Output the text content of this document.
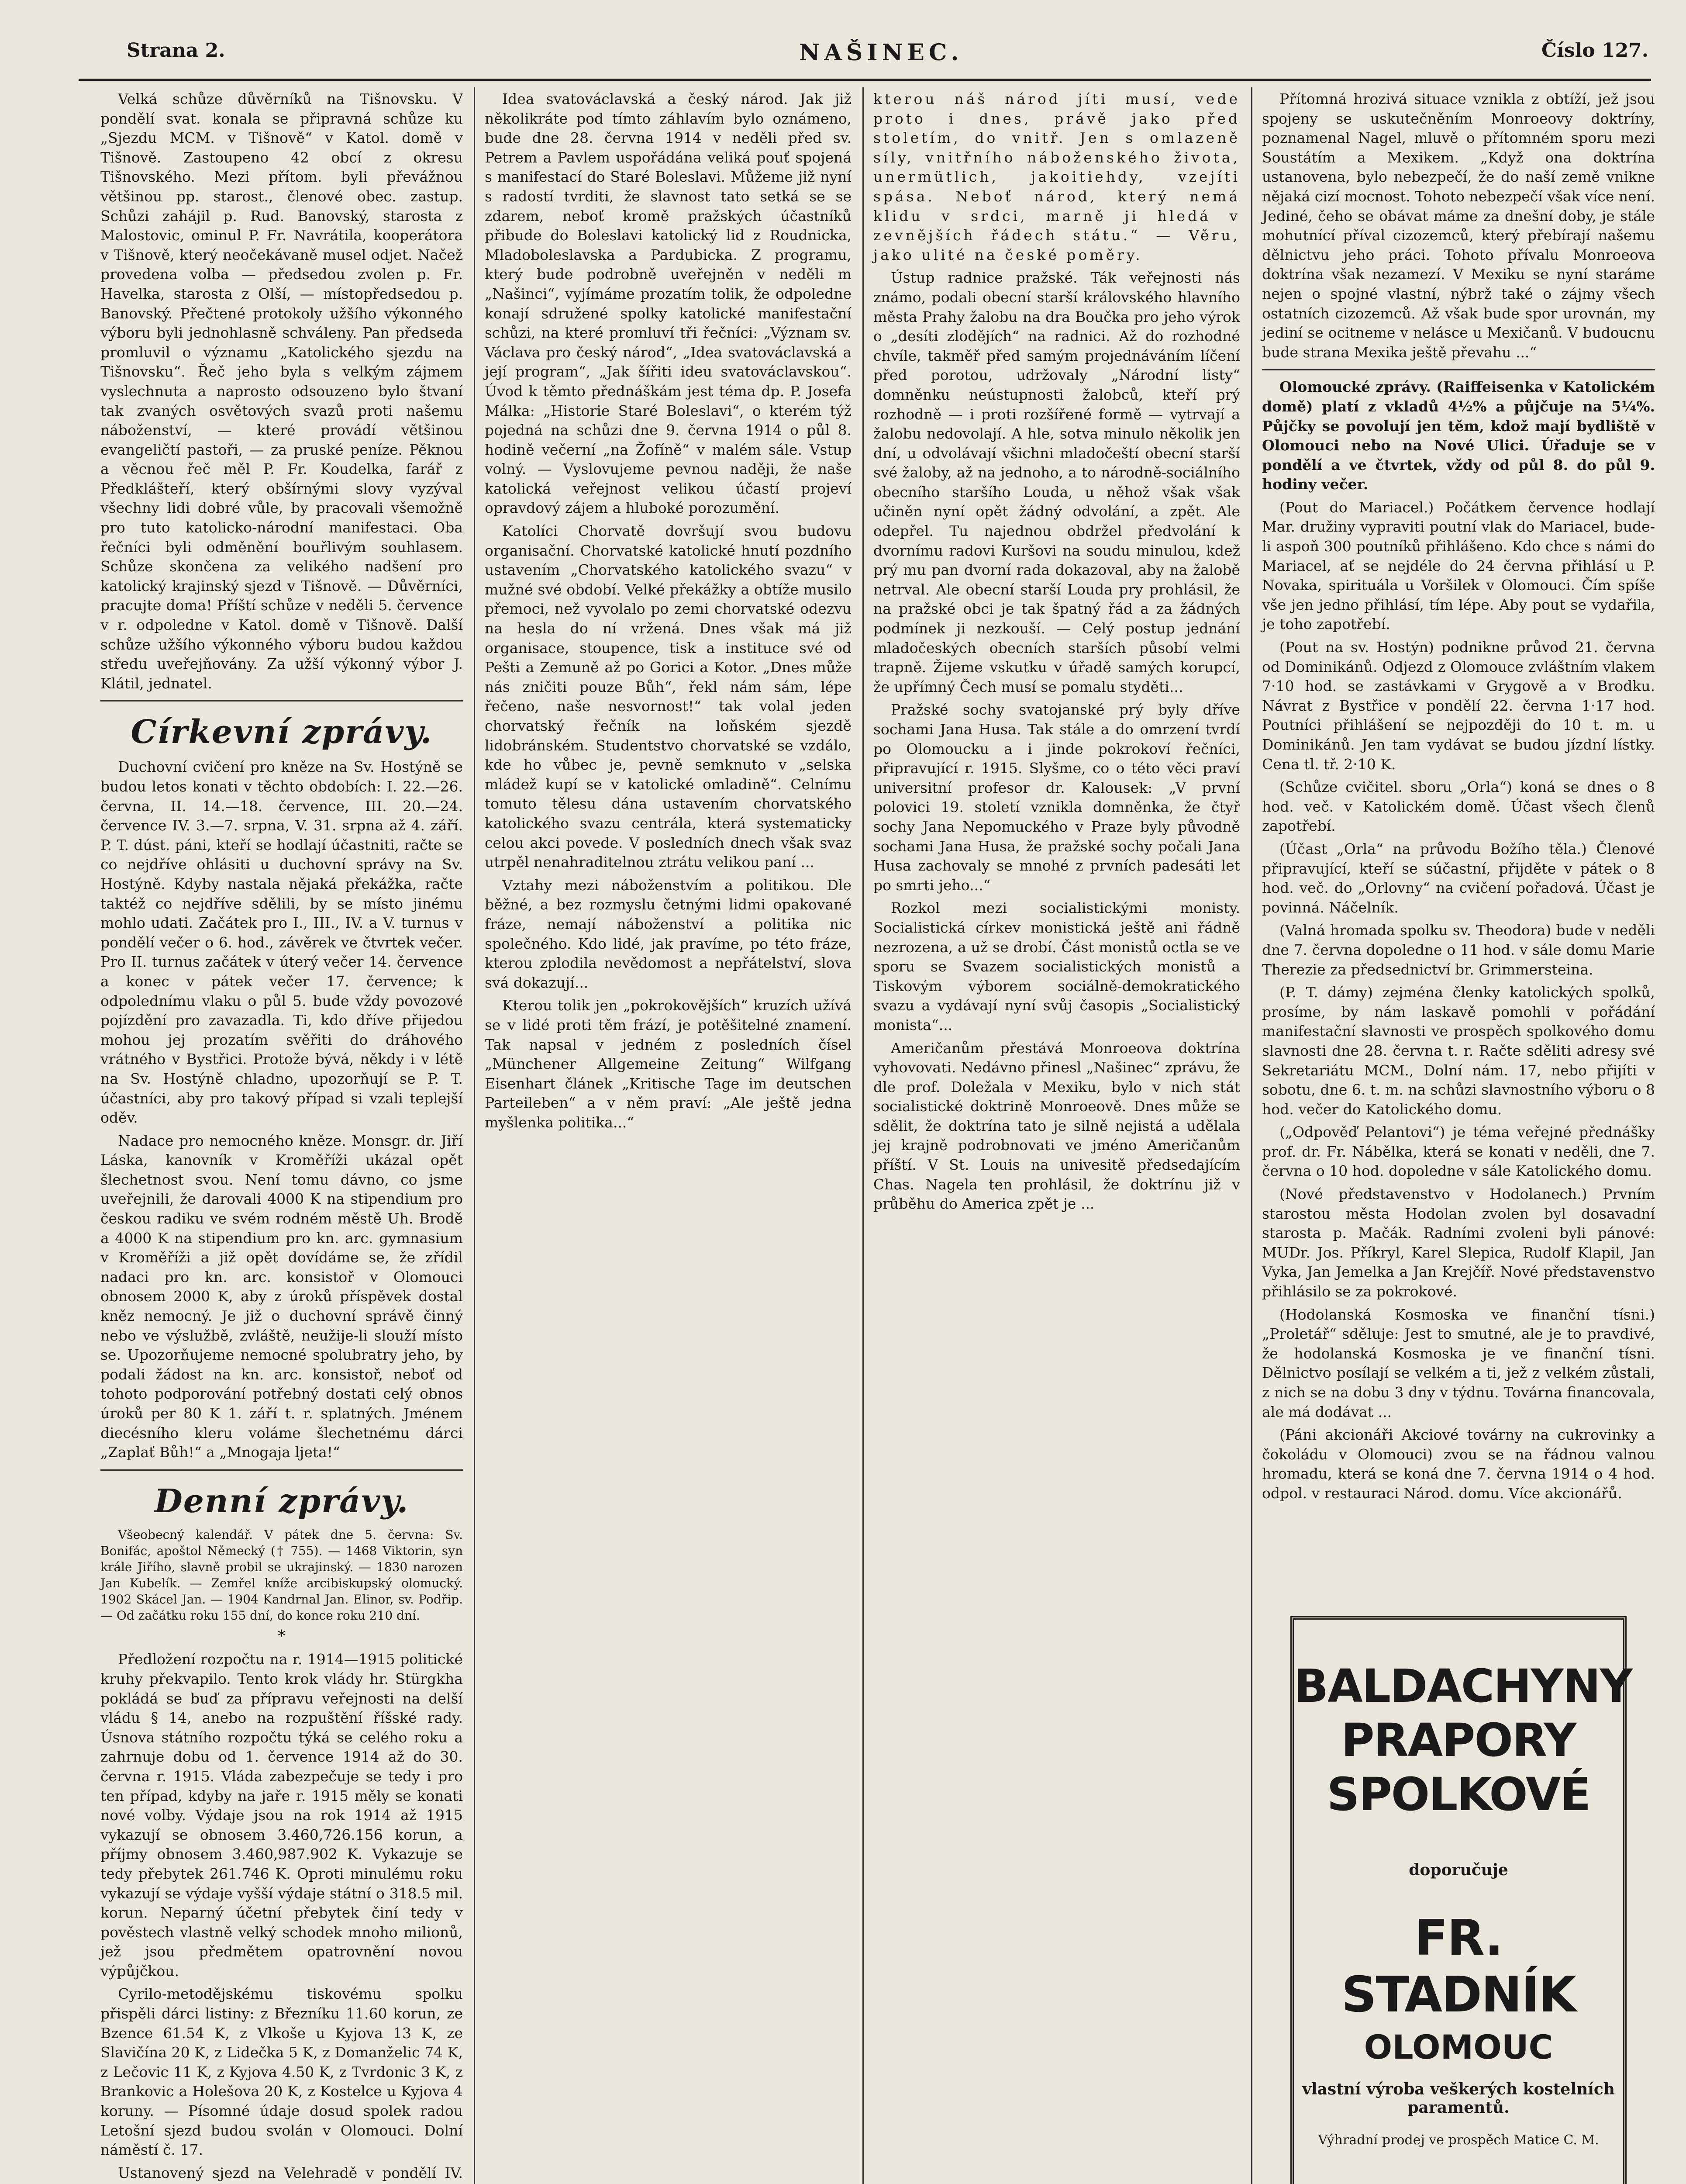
Strana 2.	NAŠINEC.	Číslo 127.

Velká schůze důvěrníků na Tišnovsku. V pondělí svat. konala se připravná schůze ku „Sjezdu MCM. v Tišnově“ v Katol. domě v Tišnově. Zastoupeno 42 obcí z okresu Tišnovského. Mezi přítom. byli převážnou většinou pp. starost., členové obec. zastup. Schůzi zahájil p. Rud. Banovský, starosta z Malostovic, ominul P. Fr. Navrátila, kooperátora v Tišnově, který neočekávaně musel odjet. Načež provedena volba — předsedou zvolen p. Fr. Havelka, starosta z Olší, — místopředsedou p. Banovský. Přečtené protokoly užšího výkonného výboru byli jednohlasně schváleny. Pan předseda promluvil o významu „Katolického sjezdu na Tišnovsku“. Řeč jeho byla s velkým zájmem vyslechnuta a naprosto odsouzeno bylo štvaní tak zvaných osvětových svazů proti našemu náboženství, — které provádí většinou evangeličtí pastoři, — za pruské peníze. Pěknou a věcnou řeč měl P. Fr. Koudelka, farář z Předklášteří, který obšírnými slovy vyzýval všechny lidi dobré vůle, by pracovali všemožně pro tuto katolicko-národní manifestaci. Oba řečníci byli odměnění bouřlivým souhlasem. Schůze skončena za velikého nadšení pro katolický krajinský sjezd v Tišnově. — Důvěrníci, pracujte doma! Příští schůze v neděli 5. července v r. odpoledne v Katol. domě v Tišnově. Další schůze užšího výkonného výboru budou každou středu uveřejňovány. Za užší výkonný výbor J. Klátil, jednatel.

Církevní zprávy.

Duchovní cvičení pro kněze na Sv. Hostýně se budou letos konati v těchto obdobích: I. 22.—26. června, II. 14.—18. července, III. 20.—24. července IV. 3.—7. srpna, V. 31. srpna až 4. září. P. T. dúst. páni, kteří se hodlají účastniti, račte se co nejdříve ohlásiti u duchovní správy na Sv. Hostýně. Kdyby nastala nějaká překážka, račte taktéž co nejdříve sdělili, by se místo jinému mohlo udati. Začátek pro I., III., IV. a V. turnus v pondělí večer o 6. hod., závěrek ve čtvrtek večer. Pro II. turnus začátek v úterý večer 14. července a konec v pátek večer 17. července; k odpolednímu vlaku o půl 5. bude vždy povozové pojízdění pro zavazadla. Ti, kdo dříve přijedou mohou jej prozatím svěřiti do dráhového vrátného v Bystřici. Protože bývá, někdy i v létě na Sv. Hostýně chladno, upozorňují se P. T. účastníci, aby pro takový případ si vzali teplejší oděv.

Nadace pro nemocného kněze. Monsgr. dr. Jiří Láska, kanovník v Kroměříži ukázal opět šlechetnost svou. Není tomu dávno, co jsme uveřejnili, že darovali 4000 K na stipendium pro českou radiku ve svém rodném městě Uh. Brodě a 4000 K na stipendium pro kn. arc. gymnasium v Kroměříži a již opět dovídáme se, že zřídil nadaci pro kn. arc. konsistoř v Olomouci obnosem 2000 K, aby z úroků příspěvek dostal kněz nemocný. Je již o duchovní správě činný nebo ve výslužbě, zvláště, neužije-li slouží místo se. Upozorňujeme nemocné spolubratry jeho, by podali žádost na kn. arc. konsistoř, neboť od tohoto podporování potřebný dostati celý obnos úroků per 80 K 1. září t. r. splatných. Jménem diecésního kleru voláme šlechetnému dárci „Zaplať Bůh!“ a „Mnogaja ljeta!“

Denní zprávy.

Všeobecný kalendář. V pátek dne 5. června: Sv. Bonifác, apoštol Německý († 755). — 1468 Viktorin, syn krále Jiřího, slavně probil se ukrajinský. — 1830 narozen Jan Kubelík. — Zemřel kníže arcibiskupský olomucký. 1902 Skácel Jan. — 1904 Kandrnal Jan. Elinor, sv. Podřip. — Od začátku roku 155 dní, do konce roku 210 dní.

*

Předložení rozpočtu na r. 1914—1915 politické kruhy překvapilo. Tento krok vlády hr. Stürgkha pokládá se buď za přípravu veřejnosti na delší vládu § 14, anebo na rozpuštění říšské rady. Úsnova státního rozpočtu týká se celého roku a zahrnuje dobu od 1. července 1914 až do 30. června r. 1915. Vláda zabezpečuje se tedy i pro ten případ, kdyby na jaře r. 1915 měly se konati nové volby. Výdaje jsou na rok 1914 až 1915 vykazují se obnosem 3.460,726.156 korun, a příjmy obnosem 3.460,987.902 K. Vykazuje se tedy přebytek 261.746 K. Oproti minulému roku vykazují se výdaje vyšší výdaje státní o 318.5 mil. korun. Neparný účetní přebytek činí tedy v pověstech vlastně velký schodek mnoho milionů, jež jsou předmětem opatrovnění novou výpůjčkou.

Cyrilo-metodějskému tiskovému spolku přispěli dárci listiny: z Březníku 11.60 korun, ze Bzence 61.54 K, z Vlkoše u Kyjova 13 K, ze Slavičína 20 K, z Lidečka 5 K, z Domanželic 74 K, z Lečovic 11 K, z Kyjova 4.50 K, z Tvrdonic 3 K, z Brankovic a Holešova 20 K, z Kostelce u Kyjova 4 koruny. — Písomné údaje dosud spolek radou Letošní sjezd budou svolán v Olomouci. Dolní náměstí č. 17.

Ustanovený sjezd na Velehradě v pondělí IV.

Idea svatováclavská a český národ. Jak již několikráte pod tímto záhlavím bylo oznámeno, bude dne 28. června 1914 v neděli před sv. Petrem a Pavlem uspořádána veliká pouť spojená s manifestací do Staré Boleslavi. Můžeme již nyní s radostí tvrditi, že slavnost tato setká se se zdarem, neboť kromě pražských účastníků přibude do Boleslavi katolický lid z Roudnicka, Mladoboleslavska a Pardubicka. Z programu, který bude podrobně uveřejněn v neděli m „Našinci“, vyjímáme prozatím tolik, že odpoledne konají sdružené spolky katolické manifestační schůzi, na které promluví tři řečníci: „Význam sv. Václava pro český národ“, „Idea svatováclavská a její program“, „Jak šířiti ideu svatováclavskou“. Úvod k těmto přednáškám jest téma dp. P. Josefa Málka: „Historie Staré Boleslavi“, o kterém týž pojedná na schůzi dne 9. června 1914 o půl 8. hodině večerní „na Žofíně“ v malém sále. Vstup volný. — Vyslovujeme pevnou naději, že naše katolická veřejnost velikou účastí projeví opravdový zájem a hluboké porozumění.

Katolíci Chorvatě dovršují svou budovu organisační. Chorvatské katolické hnutí pozdního ustavením „Chorvatského katolického svazu“ v mužné své období. Velké překážky a obtíže musilo přemoci, než vyvolalo po zemi chorvatské odezvu na hesla do ní vržená. Dnes však má již organisace, stoupence, tisk a instituce své od Pešti a Zemuně až po Gorici a Kotor. „Dnes může nás zničiti pouze Bůh“, řekl nám sám, lépe řečeno, naše nesvornost!“ tak volal jeden chorvatský řečník na loňském sjezdě lidobránském. Studentstvo chorvatské se vzdálo, kde ho vůbec je, pevně semknuto v „selska mládež kupí se v katolické omladině“. Celnímu tomuto tělesu dána ustavením chorvatského katolického svazu centrála, která systematicky celou akci povede. V posledních dnech však svaz utrpěl nenahraditelnou ztrátu velikou paní ...

Vztahy mezi náboženstvím a politikou. Dle běžné, a bez rozmyslu četnými lidmi opakované fráze, nemají náboženství a politika nic společného. Kdo lidé, jak pravíme, po této fráze, kterou zplodila nevědomost a nepřátelství, slova svá dokazují...

Kterou tolik jen „pokrokovějších“ kruzích užívá se v lidé proti těm frází, je potěšitelné znamení. Tak napsal v jedném z posledních čísel „Münchener Allgemeine Zeitung“ Wilfgang Eisenhart článek „Kritische Tage im deutschen Parteileben“ a v něm praví: „Ale ještě jedna myšlenka politika...“

kterou náš národ jíti musí, vede proto i dnes, právě jako před stoletím, do vnitř. Jen s omlazeně síly, vnitřního náboženského života, unermütlich, jakoitiehdy, vzejíti spása. Neboť národ, který nemá klidu v srdci, marně ji hledá v zevnějších řádech státu.“ — Věru, jako ulité na české poměry.

Ústup radnice pražské. Ták veřejnosti nás známo, podali obecní starší královského hlavního města Prahy žalobu na dra Boučka pro jeho výrok o „desíti zlodějích“ na radnici. Až do rozhodné chvíle, takměř před samým projednáváním líčení před porotou, udržovaly „Národní listy“ domněnku neústupnosti žalobců, kteří prý rozhodně — i proti rozšířené formě — vytrvají a žalobu nedovolají. A hle, sotva minulo několik jen dní, u odvolávají všichni mladočeští obecní starší své žaloby, až na jednoho, a to národně-sociálního obecního staršího Louda, u něhož však však učiněn nyní opět žádný odvolání, a zpět. Ale odepřel. Tu najednou obdržel předvolání k dvornímu radovi Kuršovi na soudu minulou, kdež prý mu pan dvorní rada dokazoval, aby na žalobě netrval. Ale obecní starší Louda pry prohlásil, že na pražské obci je tak špatný řád a za žádných podmínek ji nezkouší. — Celý postup jednání mladočeských obecních starších působí velmi trapně. Žijeme vskutku v úřadě samých korupcí, že upřímný Čech musí se pomalu styděti...

Pražské sochy svatojanské prý byly dříve sochami Jana Husa. Tak stále a do omrzení tvrdí po Olomoucku a i jinde pokrokoví řečníci, připravující r. 1915. Slyšme, co o této věci praví universitní profesor dr. Kalousek: „V první polovici 19. století vznikla domněnka, že čtyř sochy Jana Nepomuckého v Praze byly původně sochami Jana Husa, že pražské sochy počali Jana Husa zachovaly se mnohé z prvních padesáti let po smrti jeho...“

Rozkol mezi socialistickými monisty. Socialistická církev monistická ještě ani řádně nezrozena, a už se drobí. Část monistů octla se ve sporu se Svazem socialistických monistů a Tiskovým výborem sociálně-demokratického svazu a vydávají nyní svůj časopis „Socialistický monista“...

Američanům přestává Monroeova doktrína vyhovovati. Nedávno přinesl „Našinec“ zprávu, že dle prof. Doležala v Mexiku, bylo v nich stát socialistické doktrině Monroeově. Dnes může se sdělit, že doktrína tato je silně nejistá a udělala jej krajně podrobnovati ve jméno Američanům příští. V St. Louis na univesitě předsedajícím Chas. Nagela ten prohlásil, že doktrínu již v průběhu do America zpět je ...

Přítomná hrozivá situace vznikla z obtíží, jež jsou spojeny se uskutečněním Monroeovy doktríny, poznamenal Nagel, mluvě o přítomném sporu mezi Soustátím a Mexikem. „Když ona doktrína ustanovena, bylo nebezpečí, že do naší země vnikne nějaká cizí mocnost. Tohoto nebezpečí však více není. Jediné, čeho se obávat máme za dnešní doby, je stále mohutnící příval cizozemců, který přebírají našemu dělnictvu jeho práci. Tohoto přívalu Monroeova doktrína však nezamezí. V Mexiku se nyní starámе nejen o spojné vlastní, nýbrž také o zájmy všech ostatních cizozemců. Až však bude spor urovnán, my jediní se ocitneme v nelásce u Mexičanů. V budoucnu bude strana Mexika ještě převahu ...“

Olomoucké zprávy. (Raiffeisenka v Katolickém domě) platí z vkladů 4½% a půjčuje na 5¼%. Půjčky se povolují jen těm, kdož mají bydliště v Olomouci nebo na Nové Ulici. Úřaduje se v pondělí a ve čtvrtek, vždy od půl 8. do půl 9. hodiny večer.

(Pout do Mariacel.) Počátkem července hodlají Mar. družiny vypraviti poutní vlak do Mariacel, bude-li aspoň 300 poutníků přihlášeno. Kdo chce s námi do Mariacel, ať se nejdéle do 24 června přihlásí u P. Novaka, spirituála u Voršilek v Olomouci. Čím spíše vše jen jedno přihlásí, tím lépe. Aby pout se vydařila, je toho zapotřebí.

(Pout na sv. Hostýn) podniknе průvod 21. června od Dominikánů. Odjezd z Olomouce zvláštním vlakem 7·10 hod. se zastávkami v Grygově a v Brodku. Návrat z Bystřice v pondělí 22. června 1·17 hod. Poutníci přihlášení se nejpozději do 10 t. m. u Dominikánů. Jen tam vydávat se budou jízdní lístky. Cena tl. tř. 2·10 K.

(Schůze cvičitel. sboru „Orla“) koná se dnes o 8 hod. več. v Katolickém domě. Účast všech členů zapotřebí.

(Účast „Orla“ na průvodu Božího těla.) Členové připravující, kteří se súčastní, přijděte v pátek o 8 hod. več. do „Orlovny“ na cvičení pořadová. Účast je povinná. Náčelník.

(Valná hromada spolku sv. Theodora) bude v neděli dne 7. června dopoledne o 11 hod. v sále domu Marie Therezie za předsednictví br. Grimmersteina.

(P. T. dámy) zejména členky katolických spolků, prosíme, by nám laskavě pomohli v pořádání manifestační slavnosti ve prospěch spolkového domu slavnosti dne 28. června t. r. Račte sděliti adresy své Sekretariátu MCM., Dolní nám. 17, nebo přijíti v sobotu, dne 6. t. m. na schůzi slavnostního výboru o 8 hod. večer do Katolického domu.

(„Odpověď Pelantovi“) je téma veřejné přednášky prof. dr. Fr. Nábělka, která se konati v neděli, dne 7. června o 10 hod. dopoledne v sále Katolického domu.

(Nové představenstvo v Hodolanech.) Prvním starostou města Hodolan zvolen byl dosavadní starosta p. Mačák. Radními zvoleni byli pánové: MUDr. Jos. Příkryl, Karel Slepica, Rudolf Klapil, Jan Vyka, Jan Jemelka a Jan Krejčíř. Nové představenstvo přihlásilo se za pokrokové.

(Hodolanská Kosmoska ve finanční tísni.) „Proletář“ sděluje: Jest to smutné, ale je to pravdivé, že hodolanská Kosmoska je ve finanční tísni. Dělnictvo posílají se velkém a ti, jež z velkém zůstali, z nich se na dobu 3 dny v týdnu. Továrna financovala, ale má dodávat ...

(Páni akcionáři Akciové továrny na cukrovinky a čokoládu v Olomouci) zvou se na řádnou valnou hromadu, která se koná dne 7. června 1914 o 4 hod. odpol. v restauraci Národ. domu. Více akcionářů.

BALDACHYNY
PRAPORY
SPOLKOVÉ
doporučuje
FR. STADNÍK
OLOMOUC
vlastní výroba veškerých kostelních paramentů.
Výhradní prodej ve prospěch Matice C. M.
